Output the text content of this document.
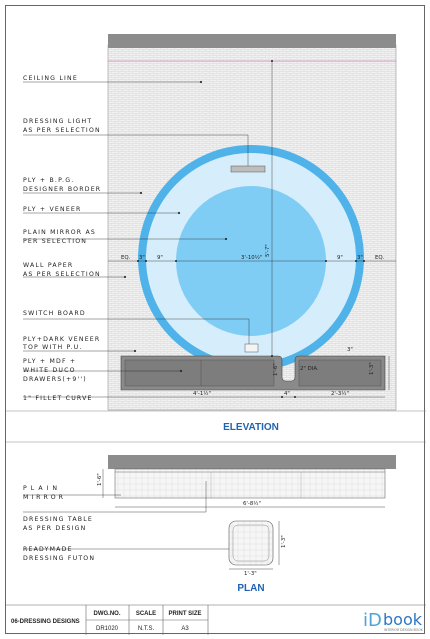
EQ. 3" 9"	3'-10½"	9"	3" EQ.
5'-7"
4'-1½"	4"	2'-3½"
3"
1'-3"
1'-6"	2" DIA.
CEILING LINE
DRESSING LIGHT
AS PER SELECTION
PLY + B.P.G.
DESIGNER BORDER
PLY + VENEER
PLAIN MIRROR AS
PER SELECTION
WALL PAPER
AS PER SELECTION
SWITCH BOARD
PLY+DARK VENEER
TOP WITH P.U.
PLY + MDF +
WHITE DUCO
DRAWERS(+9'')
1" FILLET CURVE
ELEVATION
1'-6"
6'-8½"
1'-3"
1'-3"
PLAIN
MIRROR
DRESSING TABLE
AS PER DESIGN
READYMADE
DRESSING FUTON
PLAN
06-DRESSING DESIGNS
DWG.NO.
DR1020
SCALE
N.T.S.
PRINT SIZE
A3	iD book
INTERIOR DESIGN BOOK
